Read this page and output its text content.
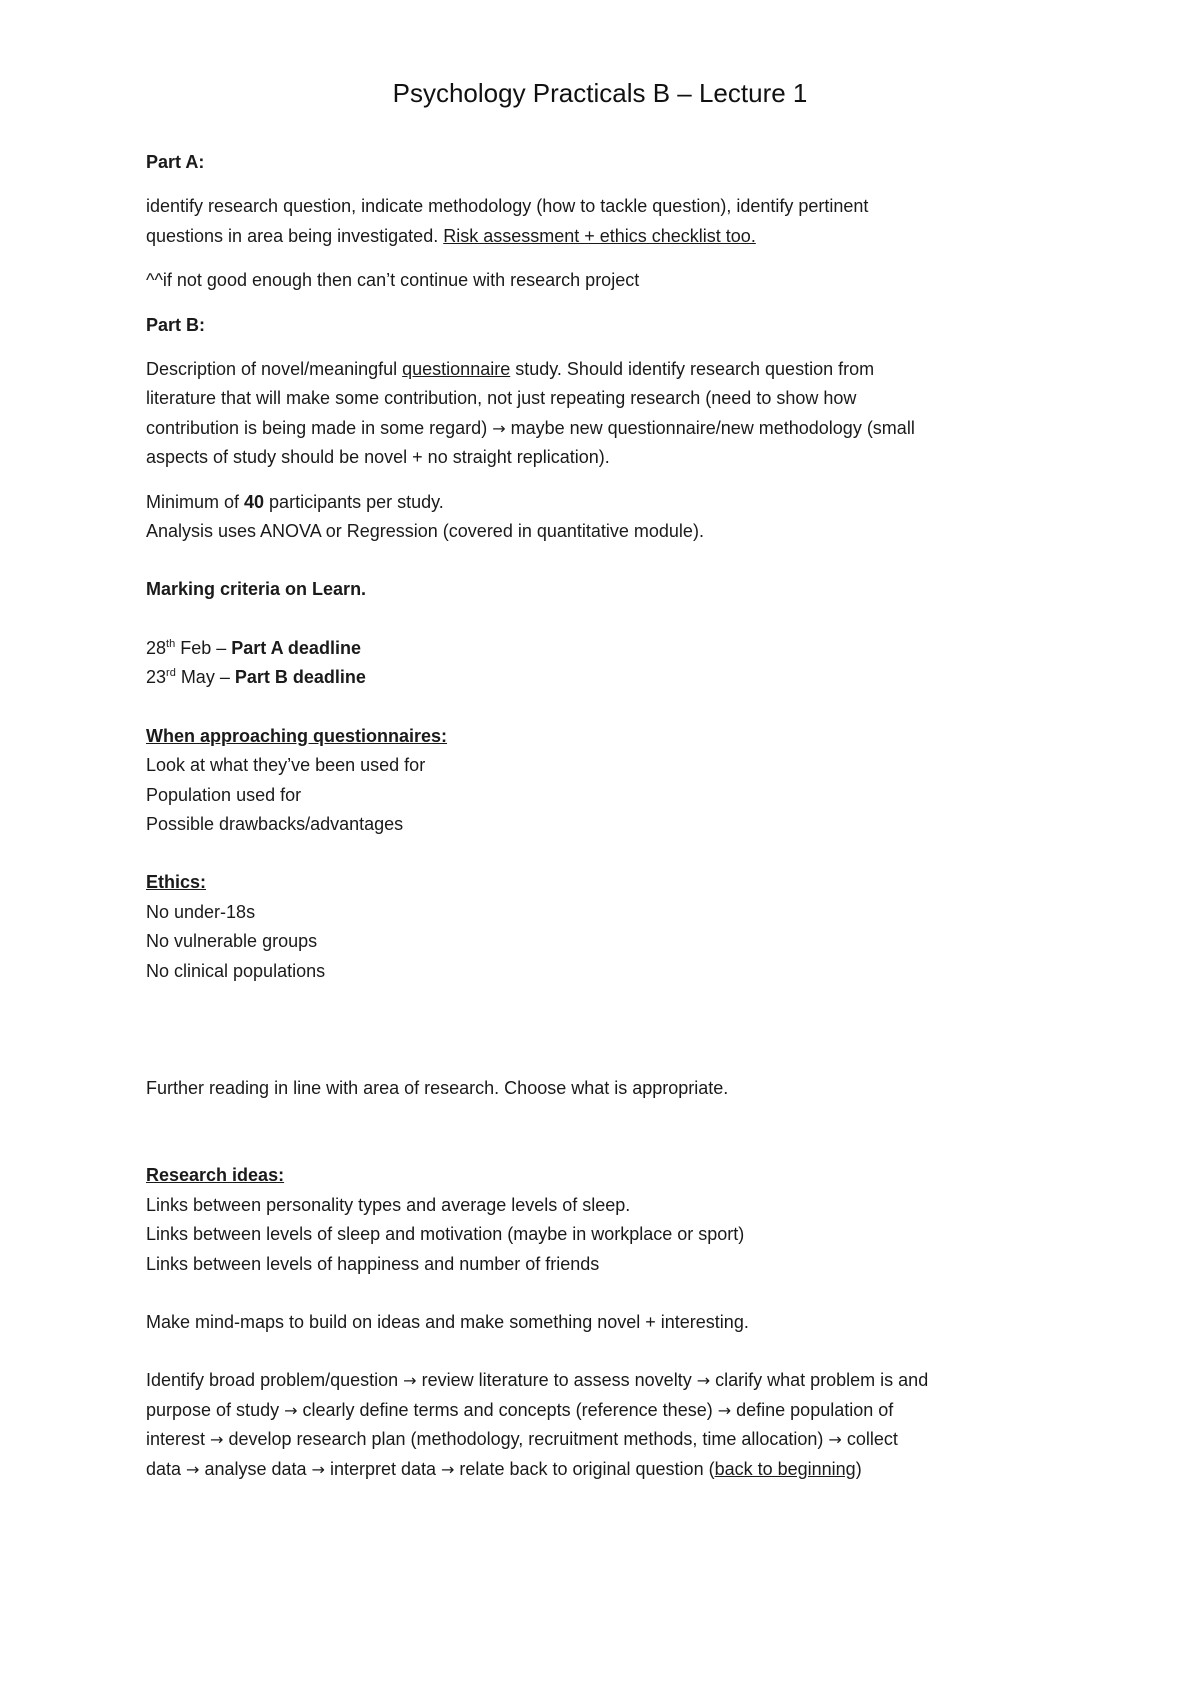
Psychology Practicals B – Lecture 1

Part A:

identify research question, indicate methodology (how to tackle question), identify pertinent

questions in area being investigated. Risk assessment + ethics checklist too.

^^if not good enough then can’t continue with research project

Part B:

Description of novel/meaningful questionnaire study. Should identify research question from

literature that will make some contribution, not just repeating research (need to show how

contribution is being made in some regard) → maybe new questionnaire/new methodology (small

aspects of study should be novel + no straight replication).

Minimum of 40 participants per study.

Analysis uses ANOVA or Regression (covered in quantitative module).

Marking criteria on Learn.

28th Feb – Part A deadline

23rd May – Part B deadline

When approaching questionnaires:

Look at what they’ve been used for

Population used for

Possible drawbacks/advantages

Ethics:

No under-18s

No vulnerable groups

No clinical populations

Further reading in line with area of research. Choose what is appropriate.

Research ideas:

Links between personality types and average levels of sleep.

Links between levels of sleep and motivation (maybe in workplace or sport)

Links between levels of happiness and number of friends

Make mind-maps to build on ideas and make something novel + interesting.

Identify broad problem/question → review literature to assess novelty → clarify what problem is and

purpose of study → clearly define terms and concepts (reference these) → define population of

interest → develop research plan (methodology, recruitment methods, time allocation) → collect

data → analyse data → interpret data → relate back to original question (back to beginning)
